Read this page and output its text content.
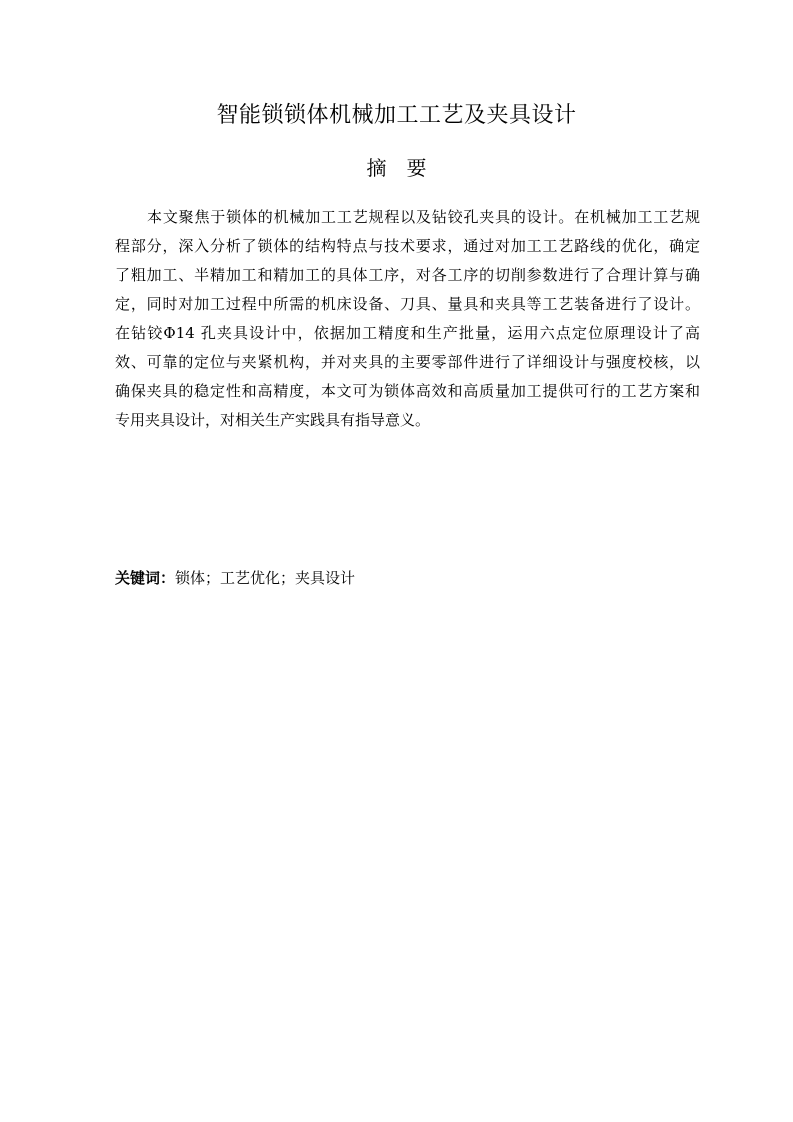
智能锁锁体机械加工工艺及夹具设计
摘　要
本文聚焦于锁体的机械加工工艺规程以及钻铰孔夹具的设计。在机械加工工艺规
程部分，深入分析了锁体的结构特点与技术要求，通过对加工工艺路线的优化，确定
了粗加工、半精加工和精加工的具体工序，对各工序的切削参数进行了合理计算与确
定，同时对加工过程中所需的机床设备、刀具、量具和夹具等工艺装备进行了设计。
在钻铰Φ14 孔夹具设计中，依据加工精度和生产批量，运用六点定位原理设计了高
效、可靠的定位与夹紧机构，并对夹具的主要零部件进行了详细设计与强度校核，以
确保夹具的稳定性和高精度，本文可为锁体高效和高质量加工提供可行的工艺方案和
专用夹具设计，对相关生产实践具有指导意义。
关键词：锁体；工艺优化；夹具设计
